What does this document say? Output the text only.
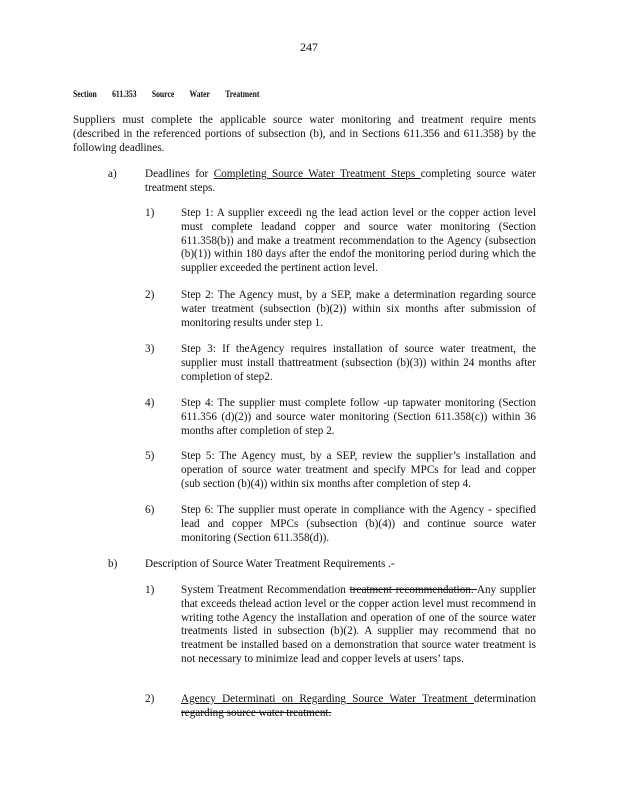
247
Section 611.353 Source Water Treatment
Suppliers must complete the applicable source water monitoring and treatment require ments (described in the referenced portions of subsection (b), and in Sections 611.356 and 611.358) by the following deadlines.
a)	Deadlines for Completing Source Water Treatment Steps completing source water treatment steps.
1) Step 1: A supplier exceedi ng the lead action level or the copper action level must complete leadand copper and source water monitoring (Section 611.358(b)) and make a treatment recommendation to the Agency (subsection (b)(1)) within 180 days after the endof the monitoring period during which the supplier exceeded the pertinent action level.
2) Step 2: The Agency must, by a SEP, make a determination regarding source water treatment (subsection (b)(2)) within six months after submission of monitoring results under step 1.
3) Step 3: If theAgency requires installation of source water treatment, the supplier must install thattreatment (subsection (b)(3)) within 24 months after completion of step2.
4) Step 4: The supplier must complete follow -up tapwater monitoring (Section 611.356 (d)(2)) and source water monitoring (Section 611.358(c)) within 36 months after completion of step 2.
5) Step 5: The Agency must, by a SEP, review the supplier’s installation and operation of source water treatment and specify MPCs for lead and copper (sub section (b)(4)) within six months after completion of step 4.
6) Step 6: The supplier must operate in compliance with the Agency - specified lead and copper MPCs (subsection (b)(4)) and continue source water monitoring (Section 611.358(d)).
b) Description of Source Water Treatment Requirements .-
1) System Treatment Recommendation treatment recommendation. Any supplier that exceeds thelead action level or the copper action level must recommend in writing tothe Agency the installation and operation of one of the source water treatments listed in subsection (b)(2). A supplier may recommend that no treatment be installed based on a demonstration that source water treatment is not necessary to minimize lead and copper levels at users’ taps.
2) Agency Determinati on Regarding Source Water Treatment determination regarding source water treatment.
